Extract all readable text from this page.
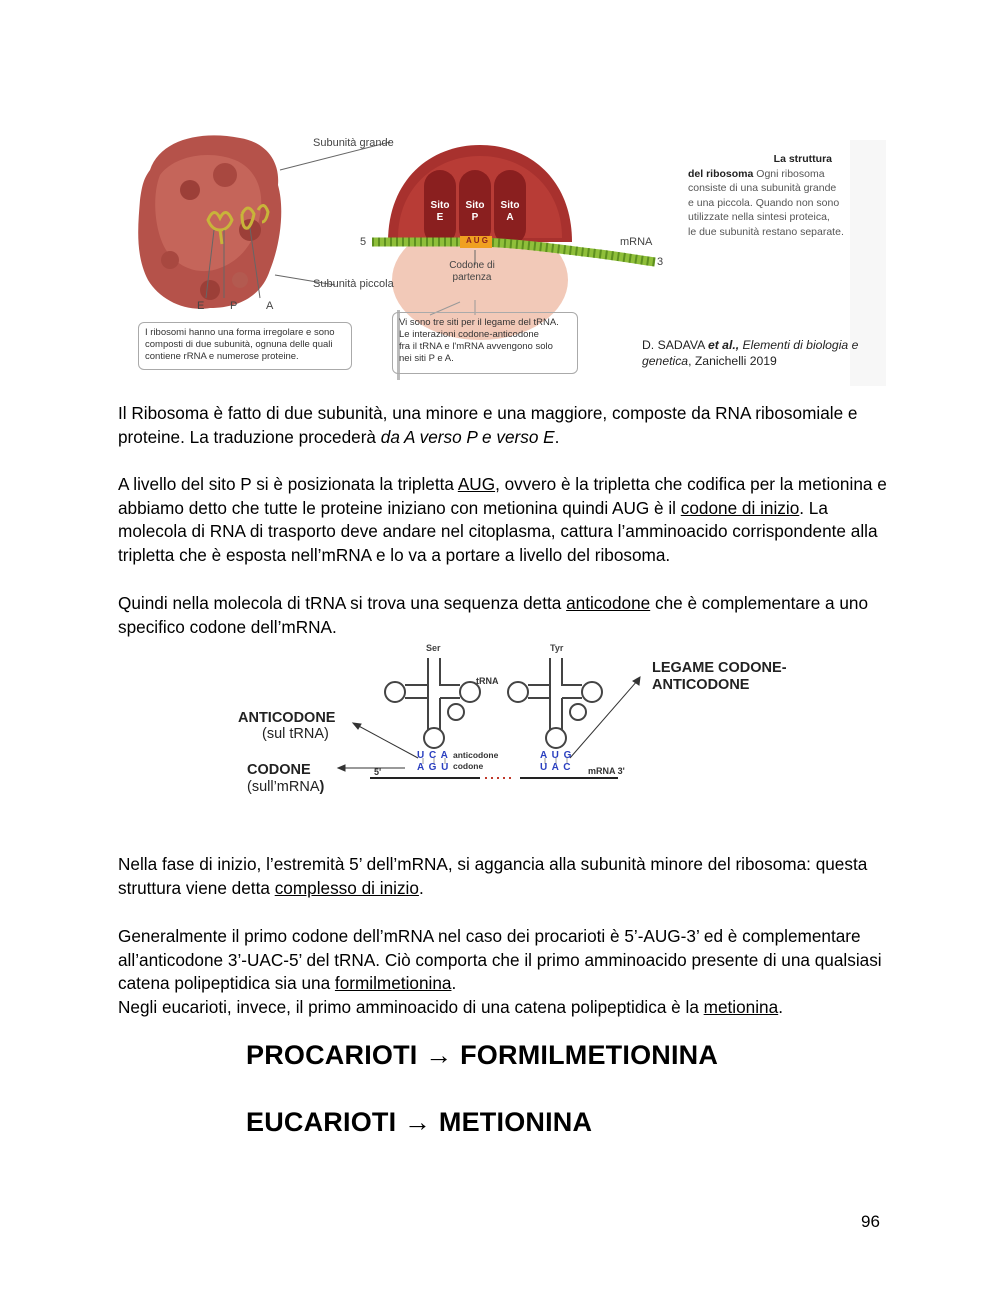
Subunità grande
Subunità piccola
E P	A
Sito
E
Sito
P
Sito
A
A U G
5
3
mRNA
Codone di
partenza
I ribosomi hanno una forma irregolare e sono
composti di due subunità, ognuna delle quali
contiene rRNA e numerose proteine.
Vi sono tre siti per il legame del tRNA.
Le interazioni codone-anticodone
fra il tRNA e l'mRNA avvengono solo
nei siti P e A.
La struttura
del ribosoma Ogni ribosoma
consiste di una subunità grande
e una piccola. Quando non sono
utilizzate nella sintesi proteica,
le due subunità restano separate.
D. SADAVA et al., Elementi di biologia e genetica, Zanichelli 2019
Il Ribosoma è fatto di due subunità, una minore e una maggiore, composte da RNA ribosomiale e proteine. La traduzione procederà da A verso P e verso E.
A livello del sito P si è posizionata la tripletta AUG, ovvero è la tripletta che codifica per la metionina e abbiamo detto che tutte le proteine iniziano con metionina quindi AUG è il codone di inizio. La molecola di RNA di trasporto deve andare nel citoplasma, cattura l’amminoacido corrispondente alla tripletta che è esposta nell’mRNA e lo va a portare a livello del ribosoma.
Quindi nella molecola di tRNA si trova una sequenza detta anticodone che è complementare a uno specifico codone dell’mRNA.
Ser	Tyr
tRNA
U C A
A G U
anticodone
codone
A U G
U A C
5'	mRNA 3'
LEGAME CODONE-
ANTICODONE
ANTICODONE
(sul tRNA)
CODONE
(sull’mRNA)
Nella fase di inizio, l’estremità 5’ dell’mRNA, si aggancia alla subunità minore del ribosoma: questa struttura viene detta complesso di inizio.
Generalmente il primo codone dell’mRNA nel caso dei procarioti è 5’-AUG-3’ ed è complementare all’anticodone 3’-UAC-5’ del tRNA. Ciò comporta che il primo amminoacido presente di una qualsiasi catena polipeptidica sia una formilmetionina.
Negli eucarioti, invece, il primo amminoacido di una catena polipeptidica è la metionina.
PROCARIOTI → FORMILMETIONINA
EUCARIOTI → METIONINA
96
